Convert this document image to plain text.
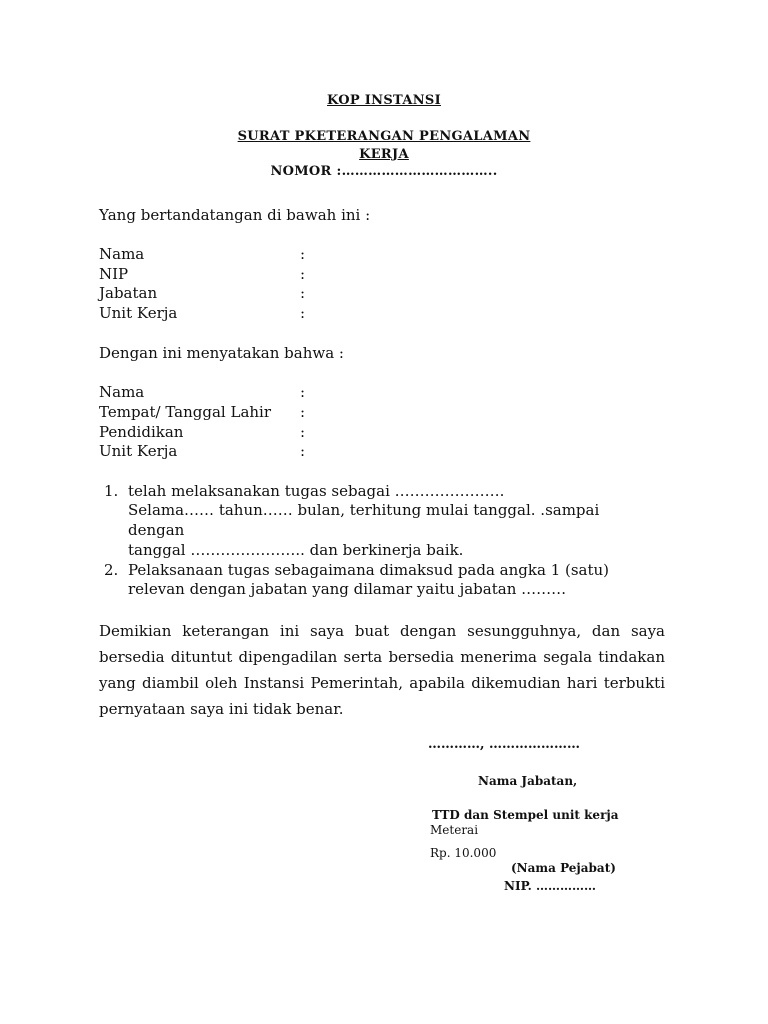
KOP INSTANSI
SURAT PKETERANGAN PENGALAMAN
KERJA
NOMOR :……………………………..
Yang bertandatangan di bawah ini :
Nama	:
NIP	:
Jabatan	:
Unit Kerja	:
Dengan ini menyatakan bahwa :
Nama	:
Tempat/ Tanggal Lahir :
Pendidikan	:
Unit Kerja	:
1. telah melaksanakan tugas sebagai ………………….
Selama…… tahun…… bulan, terhitung mulai tanggal. .sampai
dengan
tanggal ………………….. dan berkinerja baik.
2. Pelaksanaan tugas sebagaimana dimaksud pada angka 1 (satu)
relevan dengan jabatan yang dilamar yaitu jabatan ………
Demikian keterangan ini saya buat dengan sesungguhnya, dan saya
bersedia dituntut dipengadilan serta bersedia menerima segala tindakan
yang diambil oleh Instansi Pemerintah, apabila dikemudian hari terbukti
pernyataan saya ini tidak benar.
…………, …………………
Nama Jabatan,
TTD dan Stempel unit kerja
Meterai
Rp. 10.000
(Nama Pejabat)
NIP. ……………
